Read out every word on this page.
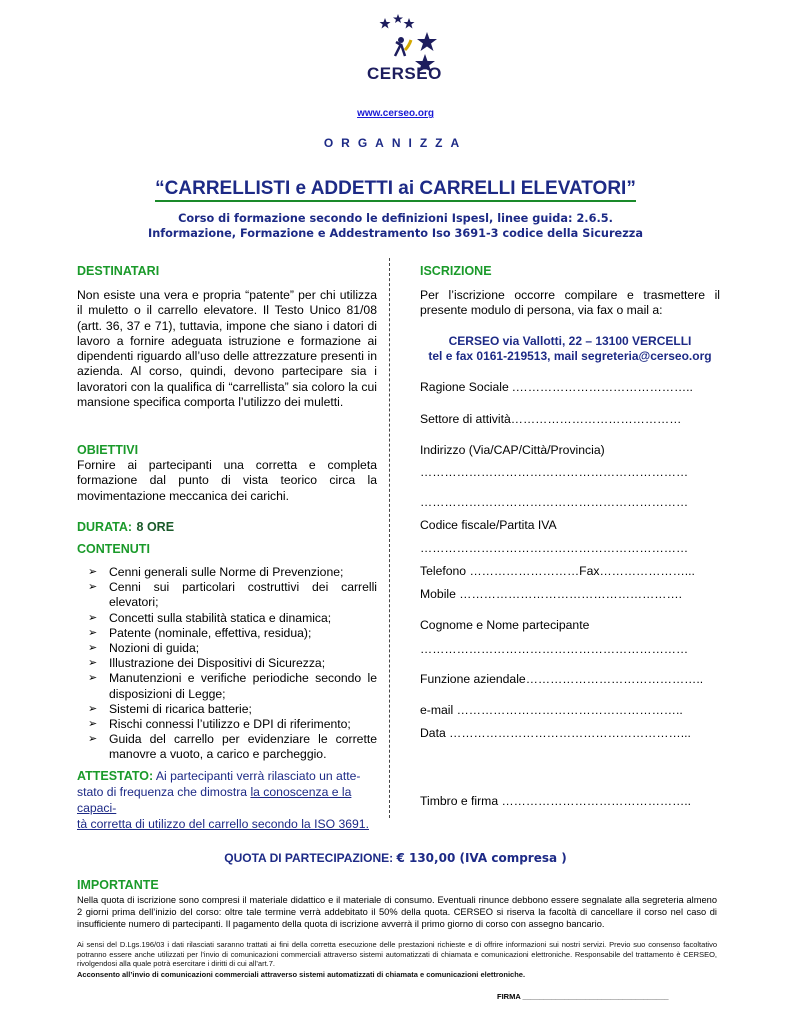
CERSEO
www.cerseo.org
ORGANIZZA
“CARRELLISTI e ADDETTI ai CARRELLI ELEVATORI”
Corso di formazione secondo le definizioni Ispesl, linee guida: 2.6.5.
Informazione, Formazione e Addestramento Iso 3691-3 codice della Sicurezza
DESTINATARI
Non esiste una vera e propria “patente” per chi utilizza il muletto o il carrello elevatore. Il Testo Unico 81/08 (artt. 36, 37 e 71), tuttavia, impone che siano i datori di lavoro a fornire adeguata istruzione e formazione ai dipendenti riguardo all’uso delle attrezzature presenti in azienda. Al corso, quindi, devono partecipare sia i lavoratori con la qualifica di “carrellista” sia coloro la cui mansione specifica comporta l’utilizzo dei muletti.
OBIETTIVI
Fornire ai partecipanti una corretta e completa formazione dal punto di vista teorico circa la movimentazione meccanica dei carichi.
DURATA: 8 ORE
CONTENUTI
➢ Cenni generali sulle Norme di Prevenzione;
➢ Cenni sui particolari costruttivi dei carrelli elevatori;
➢ Concetti sulla stabilità statica e dinamica;
➢ Patente (nominale, effettiva, residua);
➢ Nozioni di guida;
➢ Illustrazione dei Dispositivi di Sicurezza;
➢ Manutenzioni e verifiche periodiche secondo le disposizioni di Legge;
➢ Sistemi di ricarica batterie;
➢ Rischi connessi l’utilizzo e DPI di riferimento;
➢ Guida del carrello per evidenziare le corrette manovre a vuoto, a carico e parcheggio.
ATTESTATO: Ai partecipanti verrà rilasciato un atte-
stato di frequenza che dimostra la conoscenza e la capaci-
tà corretta di utilizzo del carrello secondo la ISO 3691.
ISCRIZIONE
Per l’iscrizione occorre compilare e trasmettere il presente modulo di persona, via fax o mail a:
CERSEO via Vallotti, 22 – 13100 VERCELLI
tel e fax 0161-219513, mail segreteria@cerseo.org
Ragione Sociale .……………………………………..
Settore di attività……………………………………
Indirizzo (Via/CAP/Città/Provincia)
…………………………………………………………
…………………………………………………………
Codice fiscale/Partita IVA
…………………………………………………………
Telefono ………………………Fax…………………...
Mobile ……………………………………………….
Cognome e Nome partecipante
…………………………………………………………
Funzione aziendale……………………………………..
e-mail ………………………………………………..
Data …………………………………………………...
Timbro e firma ………………………………………..
QUOTA DI PARTECIPAZIONE: € 130,00 (IVA compresa )
IMPORTANTE
Nella quota di iscrizione sono compresi il materiale didattico e il materiale di consumo. Eventuali rinunce debbono essere segnalate alla segreteria almeno 2 giorni prima dell’inizio del corso: oltre tale termine verrà addebitato il 50% della quota. CERSEO si riserva la facoltà di cancellare il corso nel caso di insufficiente numero di partecipanti. Il pagamento della quota di iscrizione avverrà il primo giorno di corso con assegno bancario.
Ai sensi del D.Lgs.196/03 i dati rilasciati saranno trattati ai fini della corretta esecuzione delle prestazioni richieste e di offrire informazioni sui nostri servizi. Previo suo consenso facoltativo potranno essere anche utilizzati per l’invio di comunicazioni commerciali attraverso sistemi automatizzati di chiamata e comunicazioni elettroniche. Responsabile del trattamento è CERSEO, rivolgendosi alla quale potrà esercitare i diritti di cui all’art.7.
Acconsento all’invio di comunicazioni commerciali attraverso sistemi automatizzati di chiamata e comunicazioni elettroniche.
FIRMA ___________________________________
